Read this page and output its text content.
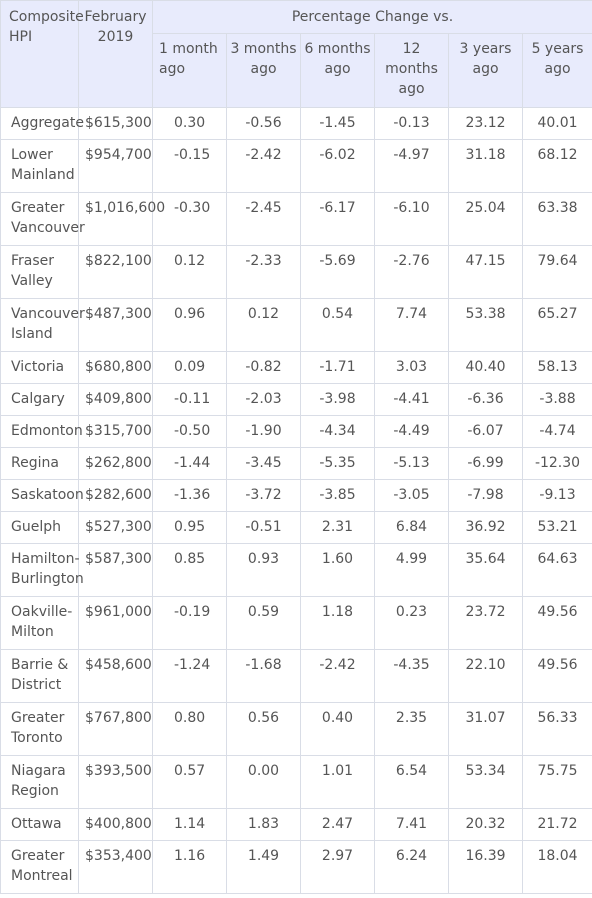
Composite HPI	February 2019	Percentage Change vs.					
		1 month ago	3 months ago	6 months ago	12 months ago	3 years ago	5 years ago
Aggregate	$615,300	0.30	-0.56	-1.45	-0.13	23.12	40.01
Lower Mainland	$954,700	-0.15	-2.42	-6.02	-4.97	31.18	68.12
Greater Vancouver	$1,016,600	-0.30	-2.45	-6.17	-6.10	25.04	63.38
Fraser Valley	$822,100	0.12	-2.33	-5.69	-2.76	47.15	79.64
Vancouver Island	$487,300	0.96	0.12	0.54	7.74	53.38	65.27
Victoria	$680,800	0.09	-0.82	-1.71	3.03	40.40	58.13
Calgary	$409,800	-0.11	-2.03	-3.98	-4.41	-6.36	-3.88
Edmonton	$315,700	-0.50	-1.90	-4.34	-4.49	-6.07	-4.74
Regina	$262,800	-1.44	-3.45	-5.35	-5.13	-6.99	-12.30
Saskatoon	$282,600	-1.36	-3.72	-3.85	-3.05	-7.98	-9.13
Guelph	$527,300	0.95	-0.51	2.31	6.84	36.92	53.21
Hamilton-Burlington	$587,300	0.85	0.93	1.60	4.99	35.64	64.63
Oakville-Milton	$961,000	-0.19	0.59	1.18	0.23	23.72	49.56
Barrie & District	$458,600	-1.24	-1.68	-2.42	-4.35	22.10	49.56
Greater Toronto	$767,800	0.80	0.56	0.40	2.35	31.07	56.33
Niagara Region	$393,500	0.57	0.00	1.01	6.54	53.34	75.75
Ottawa	$400,800	1.14	1.83	2.47	7.41	20.32	21.72
Greater Montreal	$353,400	1.16	1.49	2.97	6.24	16.39	18.04
